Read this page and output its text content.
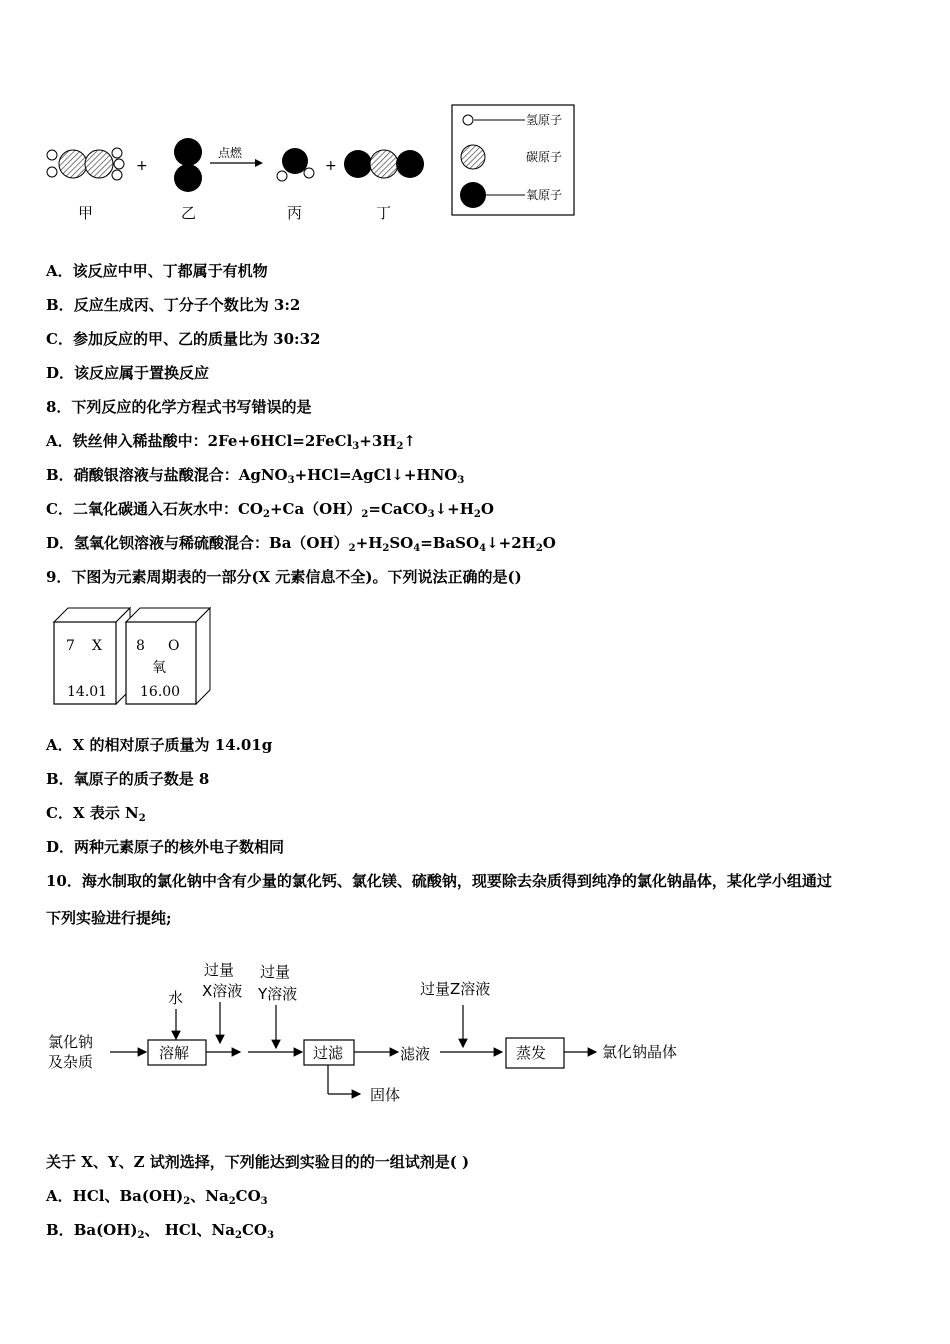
甲
+
乙
点燃
丙
+
丁
氢原子
碳原子
氧原子
A．该反应中甲、丁都属于有机物
B．反应生成丙、丁分子个数比为 3:2
C．参加反应的甲、乙的质量比为 30:32
D．该反应属于置换反应
8．下列反应的化学方程式书写错误的是
A．铁丝伸入稀盐酸中：$2Fe+6HCl=2FeCl_3+3H_2↑$
B．硝酸银溶液与盐酸混合：$AgNO_3+HCl=AgCl↓+HNO_3$
C．二氧化碳通入石灰水中：$CO_2+Ca(OH)_2=CaCO_3↓+H_2O$
D．氢氧化钡溶液与稀硫酸混合：$Ba(OH)_2+H_2SO_4=BaSO_4↓+2H_2O$
9．下图为元素周期表的一部分(X 元素信息不全)。下列说法正确的是()
7 X
14.01
8 O
氧
16.00
A．X 的相对原子质量为 14.01g
B．氧原子的质子数是 8
C．X 表示 $N_2$
D．两种元素原子的核外电子数相同
10．海水制取的氯化钠中含有少量的氯化钙、氯化镁、硫酸钠，现要除去杂质得到纯净的氯化钠晶体，某化学小组通过
下列实验进行提纯;
氯化钠
及杂质
水
溶解
过量
X溶液
过量
Y溶液
过滤
固体
滤液
过量Z溶液
蒸发	氯化钠晶体
关于 X、Y、Z 试剂选择，下列能达到实验目的的一组试剂是( )
A．HCl、$Ba(OH)_2$、$Na_2CO_3$
B．$Ba(OH)_2$、 HCl、$Na_2CO_3$
